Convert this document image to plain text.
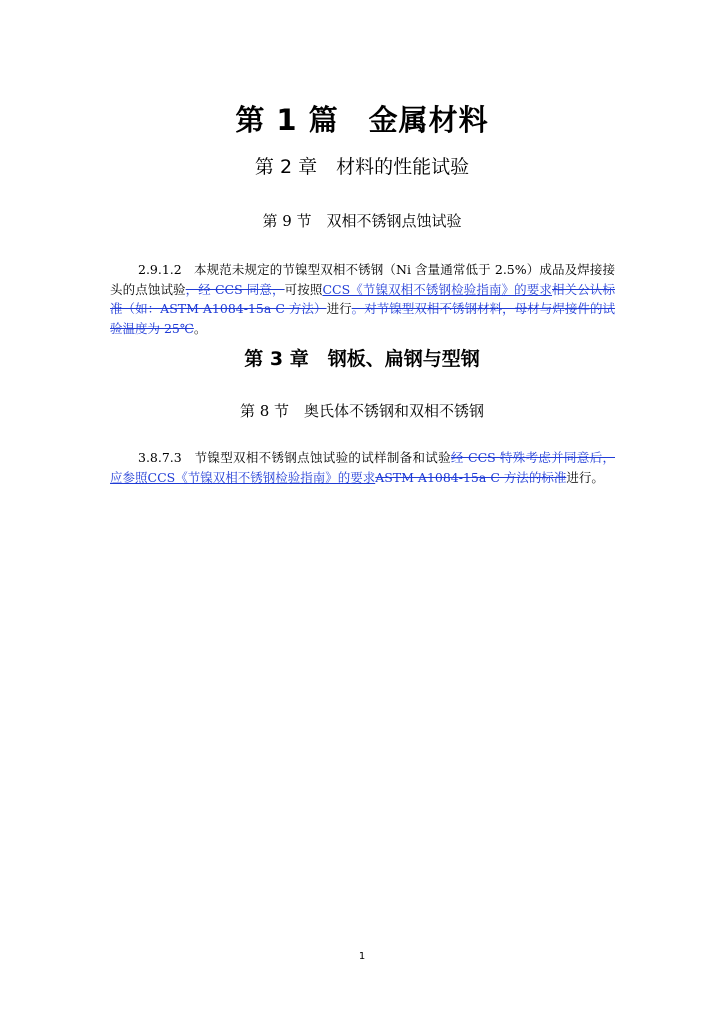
第 1 篇　金属材料
第 2 章　材料的性能试验
第 9 节　双相不锈钢点蚀试验
2.9.1.2 本规范未规定的节镍型双相不锈钢（Ni 含量通常低于 2.5%）成品及焊接接头的点蚀试验，经 CCS 同意，可按照CCS《节镍双相不锈钢检验指南》的要求相关公认标准（如：ASTM A1084-15a C 方法）进行。对节镍型双相不锈钢材料，母材与焊接件的试验温度为 25℃。
第 3 章　钢板、扁钢与型钢
第 8 节　奥氏体不锈钢和双相不锈钢
3.8.7.3 节镍型双相不锈钢点蚀试验的试样制备和试验经 CCS 特殊考虑并同意后，应参照CCS《节镍双相不锈钢检验指南》的要求ASTM A1084-15a C 方法的标准进行。
1
